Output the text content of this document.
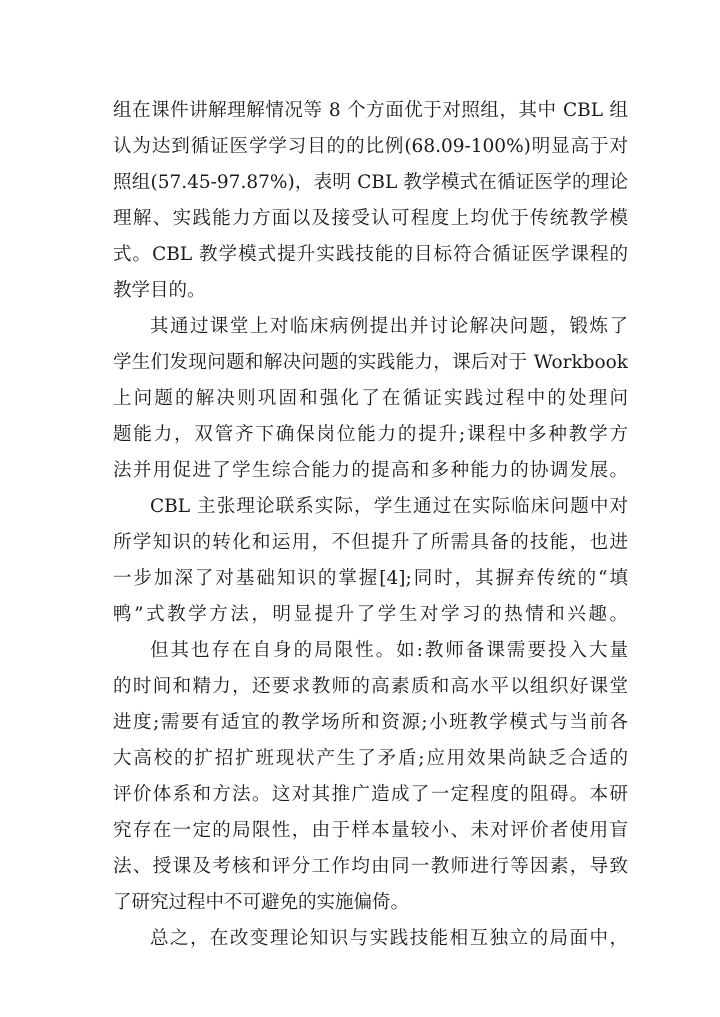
组在课件讲解理解情况等 8 个方面优于对照组，其中 CBL 组
认为达到循证医学学习目的的比例(68.09-100%)明显高于对
照组(57.45-97.87%)，表明 CBL 教学模式在循证医学的理论
理解、实践能力方面以及接受认可程度上均优于传统教学模
式。CBL 教学模式提升实践技能的目标符合循证医学课程的
教学目的。
其通过课堂上对临床病例提出并讨论解决问题，锻炼了
学生们发现问题和解决问题的实践能力，课后对于 Workbook
上问题的解决则巩固和强化了在循证实践过程中的处理问
题能力，双管齐下确保岗位能力的提升;课程中多种教学方
法并用促进了学生综合能力的提高和多种能力的协调发展。
CBL 主张理论联系实际，学生通过在实际临床问题中对
所学知识的转化和运用，不但提升了所需具备的技能，也进
一步加深了对基础知识的掌握[4];同时，其摒弃传统的“填
鸭”式教学方法，明显提升了学生对学习的热情和兴趣。
但其也存在自身的局限性。如:教师备课需要投入大量
的时间和精力，还要求教师的高素质和高水平以组织好课堂
进度;需要有适宜的教学场所和资源;小班教学模式与当前各
大高校的扩招扩班现状产生了矛盾;应用效果尚缺乏合适的
评价体系和方法。这对其推广造成了一定程度的阻碍。本研
究存在一定的局限性，由于样本量较小、未对评价者使用盲
法、授课及考核和评分工作均由同一教师进行等因素，导致
了研究过程中不可避免的实施偏倚。
总之，在改变理论知识与实践技能相互独立的局面中，
